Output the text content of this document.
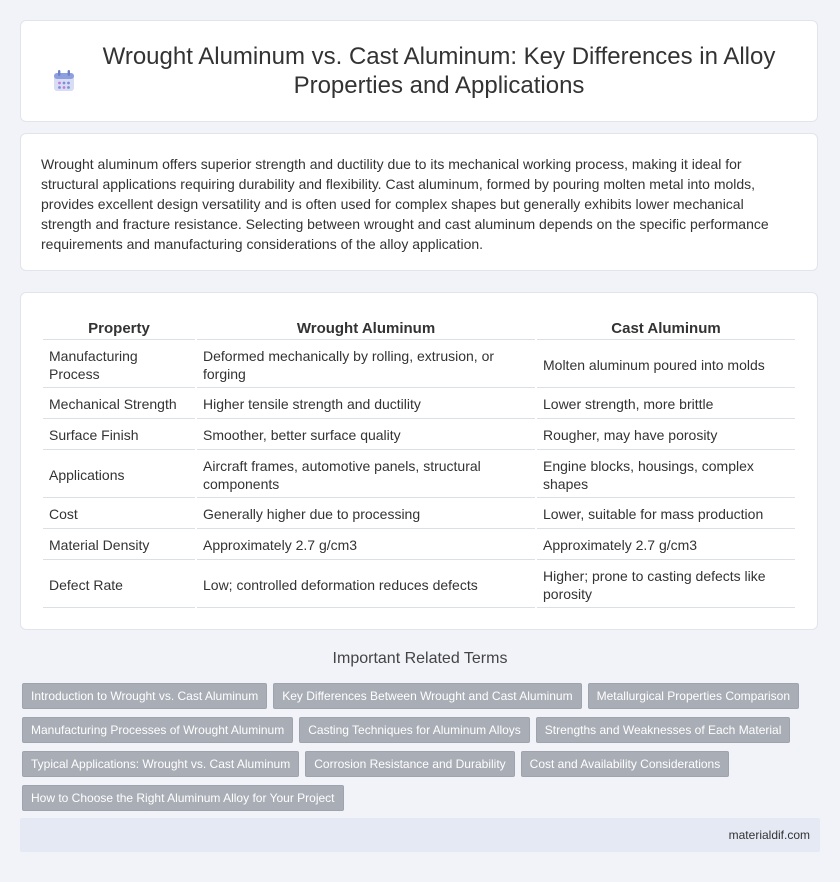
Wrought Aluminum vs. Cast Aluminum: Key Differences in Alloy Properties and Applications

Wrought aluminum offers superior strength and ductility due to its mechanical working process, making it ideal for structural applications requiring durability and flexibility. Cast aluminum, formed by pouring molten metal into molds, provides excellent design versatility and is often used for complex shapes but generally exhibits lower mechanical strength and fracture resistance. Selecting between wrought and cast aluminum depends on the specific performance requirements and manufacturing considerations of the alloy application.

Property	Wrought Aluminum	Cast Aluminum
Manufacturing Process	Deformed mechanically by rolling, extrusion, or forging	Molten aluminum poured into molds
Mechanical Strength	Higher tensile strength and ductility	Lower strength, more brittle
Surface Finish	Smoother, better surface quality	Rougher, may have porosity
Applications	Aircraft frames, automotive panels, structural components	Engine blocks, housings, complex shapes
Cost	Generally higher due to processing	Lower, suitable for mass production
Material Density	Approximately 2.7 g/cm3	Approximately 2.7 g/cm3
Defect Rate	Low; controlled deformation reduces defects	Higher; prone to casting defects like porosity
Important Related Terms
Introduction to Wrought vs. Cast Aluminum	Key Differences Between Wrought and Cast Aluminum	Metallurgical Properties Comparison
Manufacturing Processes of Wrought Aluminum	Casting Techniques for Aluminum Alloys	Strengths and Weaknesses of Each Material
Typical Applications: Wrought vs. Cast Aluminum	Corrosion Resistance and Durability	Cost and Availability Considerations
How to Choose the Right Aluminum Alloy for Your Project
materialdif.com
